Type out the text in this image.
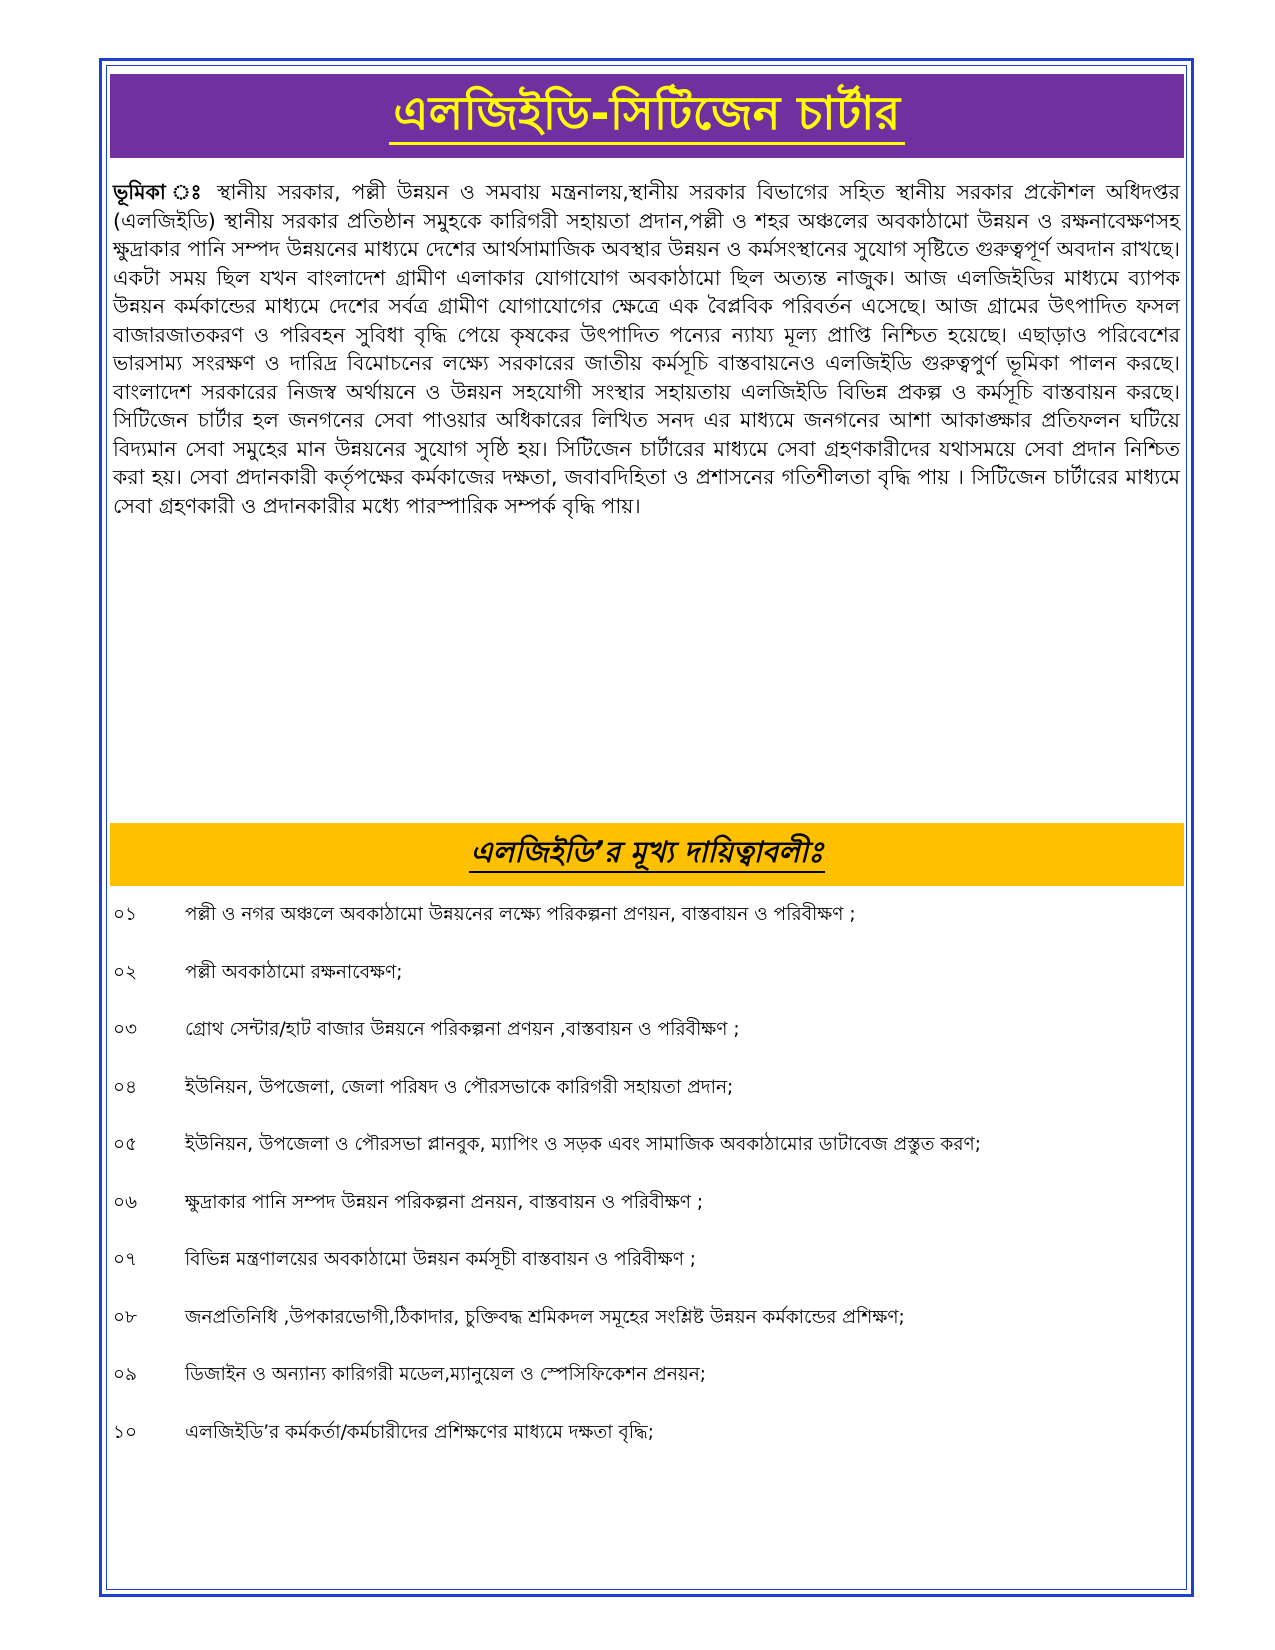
এলজিইডি-সিটিজেন চার্টার

ভূমিকা ঃ স্থানীয় সরকার, পল্লী উন্নয়ন ও সমবায় মন্ত্রনালয়,স্থানীয় সরকার বিভাগের সহিত স্থানীয় সরকার প্রকৌশল অধিদপ্তর (এলজিইডি) স্থানীয় সরকার প্রতিষ্ঠান সমুহকে কারিগরী সহায়তা প্রদান,পল্লী ও শহর অঞ্চলের অবকাঠামো উন্নয়ন ও রক্ষনাবেক্ষণসহ ক্ষুদ্রাকার পানি সম্পদ উন্নয়নের মাধ্যমে দেশের আর্থসামাজিক অবস্থার উন্নয়ন ও কর্মসংস্থানের সুযোগ সৃষ্টিতে গুরুত্বপূর্ণ অবদান রাখছে। একটা সময় ছিল যখন বাংলাদেশ গ্রামীণ এলাকার যোগাযোগ অবকাঠামো ছিল অত্যন্ত নাজুক। আজ এলজিইডির মাধ্যমে ব্যাপক উন্নয়ন কর্মকান্ডের মাধ্যমে দেশের সর্বত্র গ্রামীণ যোগাযোগের ক্ষেত্রে এক বৈপ্লবিক পরিবর্তন এসেছে। আজ গ্রামের উৎপাদিত ফসল বাজারজাতকরণ ও পরিবহন সুবিধা বৃদ্ধি পেয়ে কৃষকের উৎপাদিত পন্যের ন্যায্য মূল্য প্রাপ্তি নিশ্চিত হয়েছে। এছাড়াও পরিবেশের ভারসাম্য সংরক্ষণ ও দারিদ্র বিমোচনের লক্ষ্যে সরকারের জাতীয় কর্মসূচি বাস্তবায়নেও এলজিইডি গুরুত্বপুর্ণ ভূমিকা পালন করছে। বাংলাদেশ সরকারের নিজস্ব অর্থায়নে ও উন্নয়ন সহযোগী সংস্থার সহায়তায় এলজিইডি বিভিন্ন প্রকল্প ও কর্মসূচি বাস্তবায়ন করছে। সিটিজেন চার্টার হল জনগনের সেবা পাওয়ার অধিকারের লিখিত সনদ এর মাধ্যমে জনগনের আশা আকাঙ্ক্ষার প্রতিফলন ঘটিয়ে বিদ্যমান সেবা সমুহের মান উন্নয়নের সুযোগ সৃষ্ঠি হয়। সিটিজেন চার্টারের মাধ্যমে সেবা গ্রহণকারীদের যথাসময়ে সেবা প্রদান নিশ্চিত করা হয়। সেবা প্রদানকারী কর্তৃপক্ষের কর্মকাজের দক্ষতা, জবাবদিহিতা ও প্রশাসনের গতিশীলতা বৃদ্ধি পায় । সিটিজেন চার্টারের মাধ্যমে সেবা গ্রহণকারী ও প্রদানকারীর মধ্যে পারস্পারিক সম্পর্ক বৃদ্ধি পায়।

এলজিইডি’র মূখ্য দায়িত্বাবলীঃ
০১	পল্লী ও নগর অঞ্চলে অবকাঠামো উন্নয়নের লক্ষ্যে পরিকল্পনা প্রণয়ন, বাস্তবায়ন ও পরিবীক্ষণ ;
০২	পল্লী অবকাঠামো রক্ষনাবেক্ষণ;
০৩	গ্রোথ সেন্টার/হাট বাজার উন্নয়নে পরিকল্পনা প্রণয়ন ,বাস্তবায়ন ও পরিবীক্ষণ ;
০৪	ইউনিয়ন, উপজেলা, জেলা পরিষদ ও পৌরসভাকে কারিগরী সহায়তা প্রদান;
০৫	ইউনিয়ন, উপজেলা ও পৌরসভা প্লানবুক, ম্যাপিং ও সড়ক এবং সামাজিক অবকাঠামোর ডাটাবেজ প্রস্তুত করণ;
০৬	ক্ষুদ্রাকার পানি সম্পদ উন্নয়ন পরিকল্পনা প্রনয়ন, বাস্তবায়ন ও পরিবীক্ষণ ;
০৭	বিভিন্ন মন্ত্রণালয়ের অবকাঠামো উন্নয়ন কর্মসূচী বাস্তবায়ন ও পরিবীক্ষণ ;
০৮	জনপ্রতিনিধি ,উপকারভোগী,ঠিকাদার, চুক্তিবদ্ধ শ্রমিকদল সমূহের সংশ্লিষ্ট উন্নয়ন কর্মকান্ডের প্রশিক্ষণ;
০৯	ডিজাইন ও অন্যান্য কারিগরী মডেল,ম্যানুয়েল ও স্পেসিফিকেশন প্রনয়ন;
১০	এলজিইডি’র কর্মকর্তা/কর্মচারীদের প্রশিক্ষণের মাধ্যমে দক্ষতা বৃদ্ধি;
